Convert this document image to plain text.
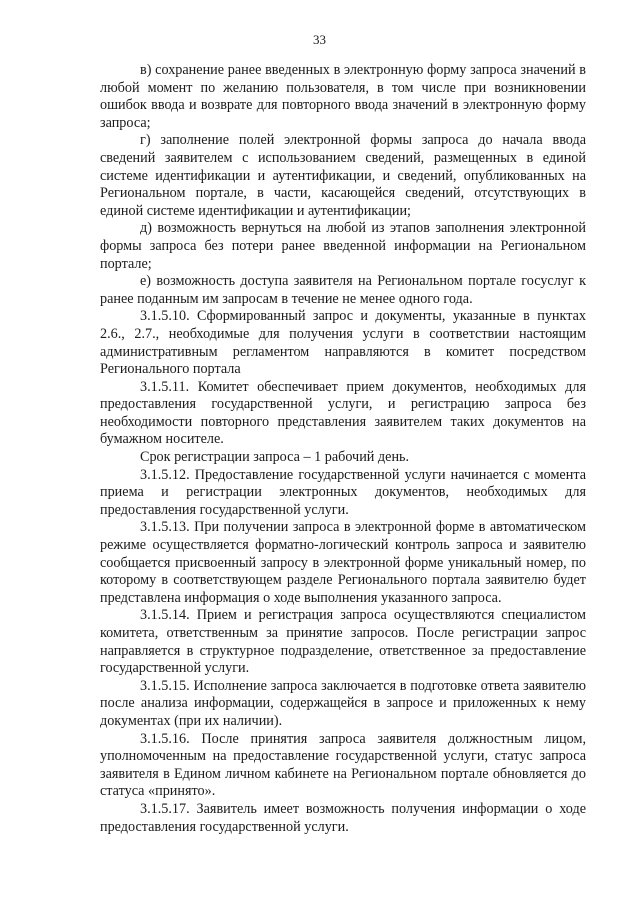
33

в) сохранение ранее введенных в электронную форму запроса значений в любой момент по желанию пользователя, в том числе при возникновении ошибок ввода и возврате для повторного ввода значений в электронную форму запроса;

г) заполнение полей электронной формы запроса до начала ввода сведений заявителем с использованием сведений, размещенных в единой системе идентификации и аутентификации, и сведений, опубликованных на Региональном портале, в части, касающейся сведений, отсутствующих в единой системе идентификации и аутентификации;

д) возможность вернуться на любой из этапов заполнения электронной формы запроса без потери ранее введенной информации на Региональном портале;

е) возможность доступа заявителя на Региональном портале госуслуг к ранее поданным им запросам в течение не менее одного года.

3.1.5.10. Сформированный запрос и документы, указанные в пунктах 2.6., 2.7., необходимые для получения услуги в соответствии настоящим административным регламентом направляются в комитет посредством Регионального портала

3.1.5.11. Комитет обеспечивает прием документов, необходимых для предоставления государственной услуги, и регистрацию запроса без необходимости повторного представления заявителем таких документов на бумажном носителе.

Срок регистрации запроса – 1 рабочий день.

3.1.5.12. Предоставление государственной услуги начинается с момента приема и регистрации электронных документов, необходимых для предоставления государственной услуги.

3.1.5.13. При получении запроса в электронной форме в автоматическом режиме осуществляется форматно-логический контроль запроса и заявителю сообщается присвоенный запросу в электронной форме уникальный номер, по которому в соответствующем разделе Регионального портала заявителю будет представлена информация о ходе выполнения указанного запроса.

3.1.5.14. Прием и регистрация запроса осуществляются специалистом комитета, ответственным за принятие запросов. После регистрации запрос направляется в структурное подразделение, ответственное за предоставление государственной услуги.

3.1.5.15. Исполнение запроса заключается в подготовке ответа заявителю после анализа информации, содержащейся в запросе и приложенных к нему документах (при их наличии).

3.1.5.16. После принятия запроса заявителя должностным лицом, уполномоченным на предоставление государственной услуги, статус запроса заявителя в Едином личном кабинете на Региональном портале обновляется до статуса «принято».

3.1.5.17. Заявитель имеет возможность получения информации о ходе предоставления государственной услуги.
